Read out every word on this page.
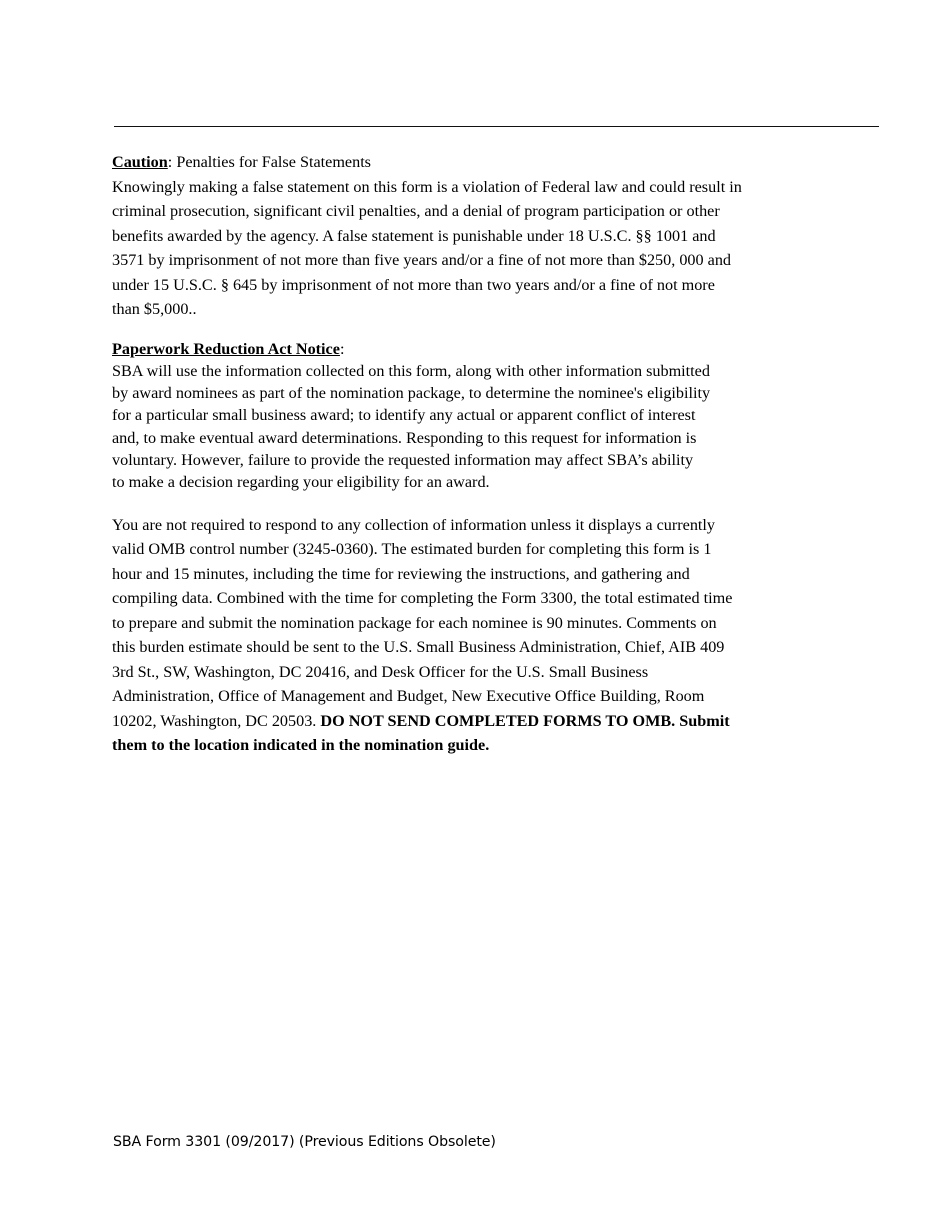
Caution: Penalties for False Statements
Knowingly making a false statement on this form is a violation of Federal law and could result in
criminal prosecution, significant civil penalties, and a denial of program participation or other
benefits awarded by the agency. A false statement is punishable under 18 U.S.C. §§ 1001 and
3571 by imprisonment of not more than five years and/or a fine of not more than $250, 000 and
under 15 U.S.C. § 645 by imprisonment of not more than two years and/or a fine of not more
than $5,000..
Paperwork Reduction Act Notice:
SBA will use the information collected on this form, along with other information submitted
by award nominees as part of the nomination package, to determine the nominee's eligibility
for a particular small business award; to identify any actual or apparent conflict of interest
and, to make eventual award determinations. Responding to this request for information is
voluntary. However, failure to provide the requested information may affect SBA’s ability
to make a decision regarding your eligibility for an award.
You are not required to respond to any collection of information unless it displays a currently
valid OMB control number (3245-0360). The estimated burden for completing this form is 1
hour and 15 minutes, including the time for reviewing the instructions, and gathering and
compiling data. Combined with the time for completing the Form 3300, the total estimated time
to prepare and submit the nomination package for each nominee is 90 minutes. Comments on
this burden estimate should be sent to the U.S. Small Business Administration, Chief, AIB 409
3rd St., SW, Washington, DC 20416, and Desk Officer for the U.S. Small Business
Administration, Office of Management and Budget, New Executive Office Building, Room
10202, Washington, DC 20503. DO NOT SEND COMPLETED FORMS TO OMB. Submit
them to the location indicated in the nomination guide.
SBA Form 3301 (09/2017) (Previous Editions Obsolete)
